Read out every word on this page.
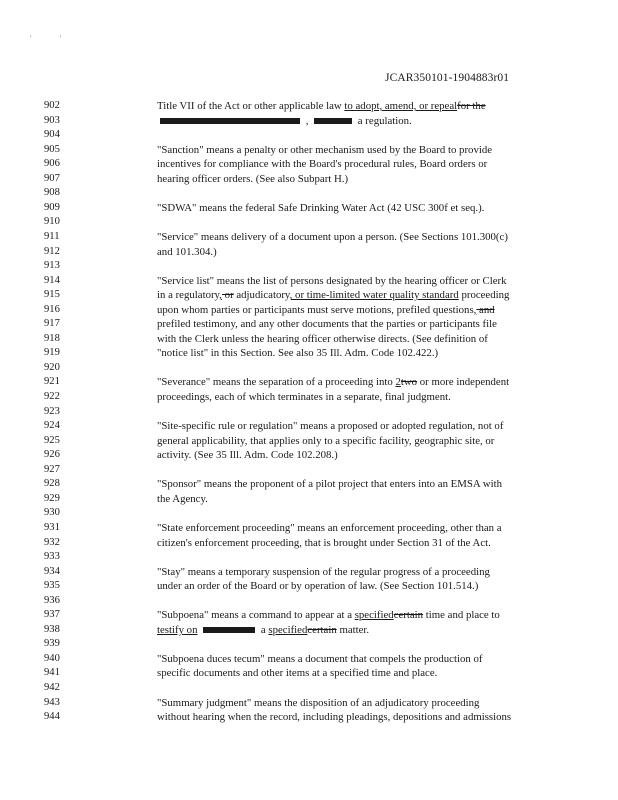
'	'
JCAR350101-1904883r01
902	Title VII of the Act or other applicable law to adopt, amend, or repealfor the
903	,	a regulation.
904
905	"Sanction" means a penalty or other mechanism used by the Board to provide
906	incentives for compliance with the Board's procedural rules, Board orders or
907	hearing officer orders. (See also Subpart H.)
908
909	"SDWA" means the federal Safe Drinking Water Act (42 USC 300f et seq.).
910
911	"Service" means delivery of a document upon a person. (See Sections 101.300(c)
912	and 101.304.)
913
914	"Service list" means the list of persons designated by the hearing officer or Clerk
915	in a regulatory, or adjudicatory, or time-limited water quality standard proceeding
916	upon whom parties or participants must serve motions, prefiled questions, and
917	prefiled testimony, and any other documents that the parties or participants file
918	with the Clerk unless the hearing officer otherwise directs. (See definition of
919	"notice list" in this Section. See also 35 Ill. Adm. Code 102.422.)
920
921	"Severance" means the separation of a proceeding into 2two or more independent
922	proceedings, each of which terminates in a separate, final judgment.
923
924	"Site-specific rule or regulation" means a proposed or adopted regulation, not of
925	general applicability, that applies only to a specific facility, geographic site, or
926	activity. (See 35 Ill. Adm. Code 102.208.)
927
928	"Sponsor" means the proponent of a pilot project that enters into an EMSA with
929	the Agency.
930
931	"State enforcement proceeding" means an enforcement proceeding, other than a
932	citizen's enforcement proceeding, that is brought under Section 31 of the Act.
933
934	"Stay" means a temporary suspension of the regular progress of a proceeding
935	under an order of the Board or by operation of law. (See Section 101.514.)
936
937	"Subpoena" means a command to appear at a specifiedcertain time and place to
938	testify on	a specifiedcertain matter.
939
940	"Subpoena duces tecum" means a document that compels the production of
941	specific documents and other items at a specified time and place.
942
943	"Summary judgment" means the disposition of an adjudicatory proceeding
944	without hearing when the record, including pleadings, depositions and admissions
